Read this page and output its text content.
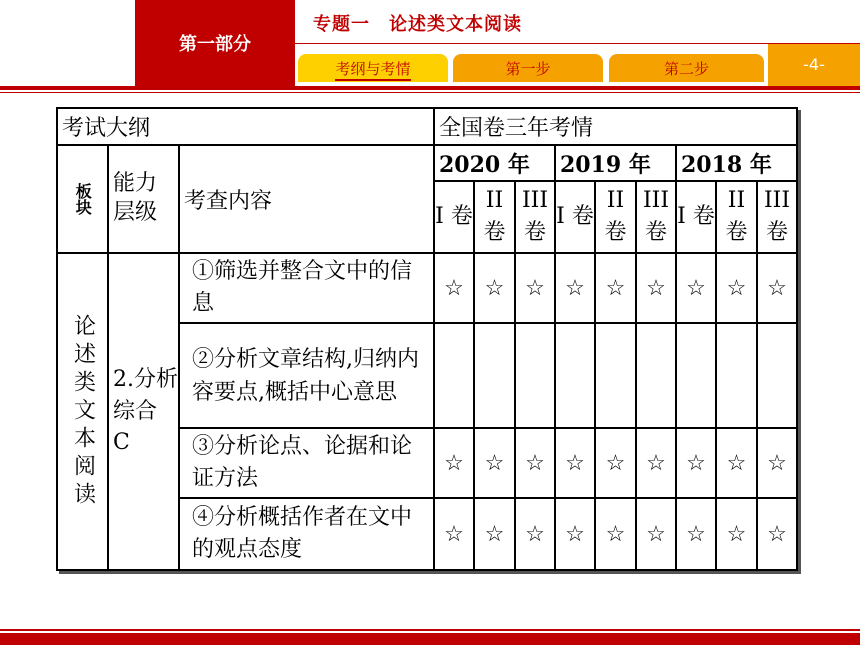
第一部分
专题一　论述类文本阅读
考纲与考情	第一步	第二步	-4-
考试大纲			全国卷三年考情								

板块	能力层级	考查内容	2020 年			2019 年			2018 年		
			I 卷	II 卷	III 卷	I 卷	II 卷	III 卷	I 卷	II 卷	III 卷

论述类文本阅读	2.分析综合 C	①筛选并整合文中的信息	☆	☆	☆	☆	☆	☆	☆	☆	☆
		②分析文章结构,归纳内容要点,概括中心意思									
		③分析论点、论据和论证方法	☆	☆	☆	☆	☆	☆	☆	☆	☆
		④分析概括作者在文中的观点态度	☆	☆	☆	☆	☆	☆	☆	☆	☆
